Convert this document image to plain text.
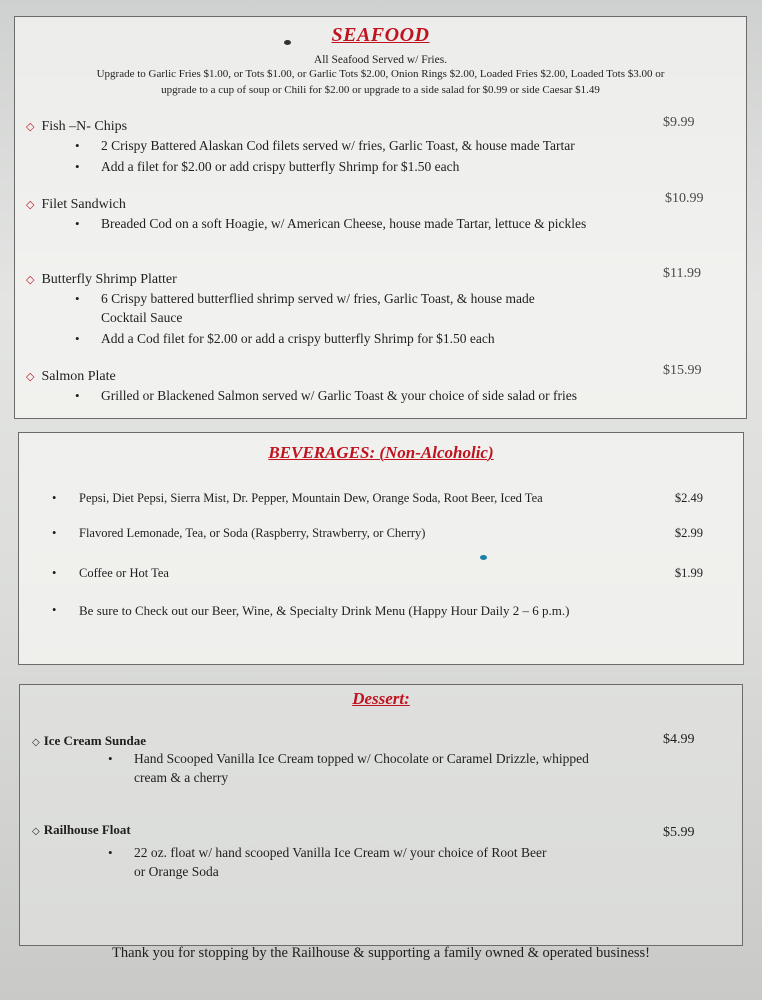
SEAFOOD
All Seafood Served w/ Fries.
Upgrade to Garlic Fries $1.00, or Tots $1.00, or Garlic Tots $2.00, Onion Rings $2.00, Loaded Fries $2.00, Loaded Tots $3.00 or
upgrade to a cup of soup or Chili for $2.00 or upgrade to a side salad for $0.99 or side Caesar $1.49
◇ Fish –N- Chips	$9.99
• 2 Crispy Battered Alaskan Cod filets served w/ fries, Garlic Toast, & house made Tartar
• Add a filet for $2.00 or add crispy butterfly Shrimp for $1.50 each
◇ Filet Sandwich	$10.99
• Breaded Cod on a soft Hoagie, w/ American Cheese, house made Tartar, lettuce & pickles
◇ Butterfly Shrimp Platter	$11.99
• 6 Crispy battered butterflied shrimp served w/ fries, Garlic Toast, & house made Cocktail Sauce
• Add a Cod filet for $2.00 or add a crispy butterfly Shrimp for $1.50 each
◇ Salmon Plate	$15.99
• Grilled or Blackened Salmon served w/ Garlic Toast & your choice of side salad or fries
BEVERAGES: (Non-Alcoholic)
• Pepsi, Diet Pepsi, Sierra Mist, Dr. Pepper, Mountain Dew, Orange Soda, Root Beer, Iced Tea	$2.49
• Flavored Lemonade, Tea, or Soda (Raspberry, Strawberry, or Cherry)	$2.99
• Coffee or Hot Tea	$1.99
• Be sure to Check out our Beer, Wine, & Specialty Drink Menu (Happy Hour Daily 2 – 6 p.m.)
Dessert:
◇ Ice Cream Sundae	$4.99
• Hand Scooped Vanilla Ice Cream topped w/ Chocolate or Caramel Drizzle, whipped cream & a cherry
◇ Railhouse Float	$5.99
• 22 oz. float w/ hand scooped Vanilla Ice Cream w/ your choice of Root Beer or Orange Soda
Thank you for stopping by the Railhouse & supporting a family owned & operated business!
